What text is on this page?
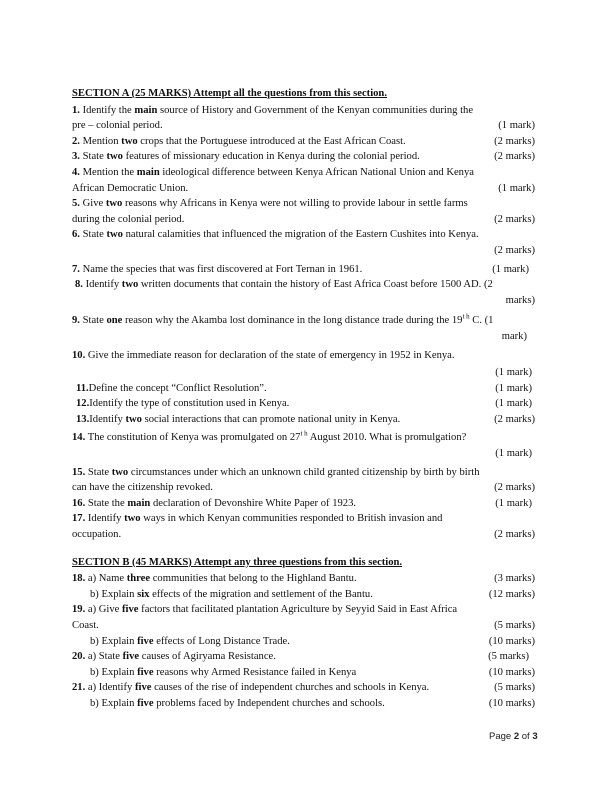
SECTION A (25 MARKS) Attempt all the questions from this section.
1. Identify the main source of History and Government of the Kenyan communities during the
pre – colonial period.	(1 mark)
2. Mention two crops that the Portuguese introduced at the East African Coast.	(2 marks)
3. State two features of missionary education in Kenya during the colonial period.	(2 marks)
4. Mention the main ideological difference between Kenya African National Union and Kenya
African Democratic Union.	(1 mark)
5. Give two reasons why Africans in Kenya were not willing to provide labour in settle farms
during the colonial period.	(2 marks)
6. State two natural calamities that influenced the migration of the Eastern Cushites into Kenya.
(2 marks)
7. Name the species that was first discovered at Fort Ternan in 1961.	(1 mark)
8. Identify two written documents that contain the history of East Africa Coast before 1500 AD. (2
marks)
9. State one reason why the Akamba lost dominance in the long distance trade during the $19^{t h}$ C. (1
mark)
10. Give the immediate reason for declaration of the state of emergency in 1952 in Kenya.
(1 mark)
11.Define the concept “Conflict Resolution”.	(1 mark)
12.Identify the type of constitution used in Kenya.	(1 mark)
13.Identify two social interactions that can promote national unity in Kenya.	(2 marks)
14. The constitution of Kenya was promulgated on $27^{t h}$ August 2010. What is promulgation?
(1 mark)
15. State two circumstances under which an unknown child granted citizenship by birth by birth
can have the citizenship revoked.	(2 marks)
16. State the main declaration of Devonshire White Paper of 1923.	(1 mark)
17. Identify two ways in which Kenyan communities responded to British invasion and
occupation.	(2 marks)
SECTION B (45 MARKS) Attempt any three questions from this section.
18. a) Name three communities that belong to the Highland Bantu.	(3 marks)
b) Explain six effects of the migration and settlement of the Bantu.	(12 marks)
19. a) Give five factors that facilitated plantation Agriculture by Seyyid Said in East Africa
Coast.	(5 marks)
b) Explain five effects of Long Distance Trade.	(10 marks)
20. a) State five causes of Agiryama Resistance.	(5 marks)
b) Explain five reasons why Armed Resistance failed in Kenya	(10 marks)
21. a) Identify five causes of the rise of independent churches and schools in Kenya.	(5 marks)
b) Explain five problems faced by Independent churches and schools.	(10 marks)
Page 2 of 3
